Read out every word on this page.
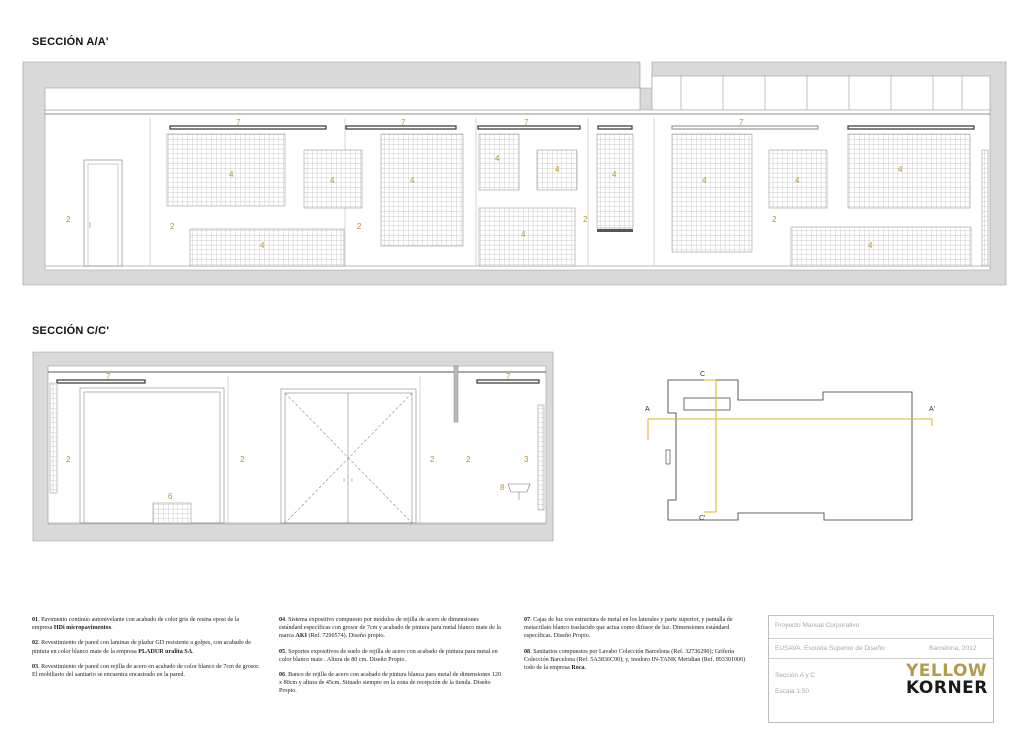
SECCIÓN A/A'
SECCIÓN C/C'
2
2	2
2	2
4
4	4
4
4
4
4
4
4	4
4
4
7	7	7	7
2	2	2	2	3
6
7	7
8
A	A'
C
C'

01. Pavimento continuo autonivelante con acabado de color gris de resina eposi de la empresa HDi micropavimentos.

02. Revestimiento de pared con laminas de pladur GD resistente a golpes, con acabado de pintura en color blanco mate de la empresa PLADUR uralita SA.

03. Revestimiento de pared con rejilla de acero en acabado de color blanco de 7cm de grosor. El mobiliario del sanitario se encuentra encastrado en la pared.

04. Sistema expositivo compuesto por módulos de rejilla de acero de dimensiones estándard específicas con grosor de 7cm y acabado de pintura para metal blanco mate de la marca AKI (Ref. 7290574). Diseño propio.

05. Soportes expositivos de suelo de rejilla de acero con acabado de pintura para metal en color blanco mate . Altura de 80 cm. Diseño Propio.

06. Banco de rejilla de acero con acabado de pintura blanca para metal de dimensiones 120 x 80cm y altura de 45cm. Situado siempre en la zona de recepción de la tienda. Diseño Propio.

07. Cajas de luz con estructura de metal en los laterales y parte superior, y pantalla de metacrilato blanco traslucido que actua como difusor de luz. Dimensiones estándard específicas. Diseño Propio.

08. Sanitarios compuestos por Lavabo Colección Barcelona (Ref. 32736290); Grifería Colección Barcelona (Ref. 5A3836C00); y, inodoro IN-TANK Meridian (Ref. 893301000) todo de la empresa Roca.

Proyecto Manual Corporativo
EUSAVA. Escuela Superior de Diseño	Barcelona, 2012
Sección A y C
Escala 1:50
YELLOW
KORNER
